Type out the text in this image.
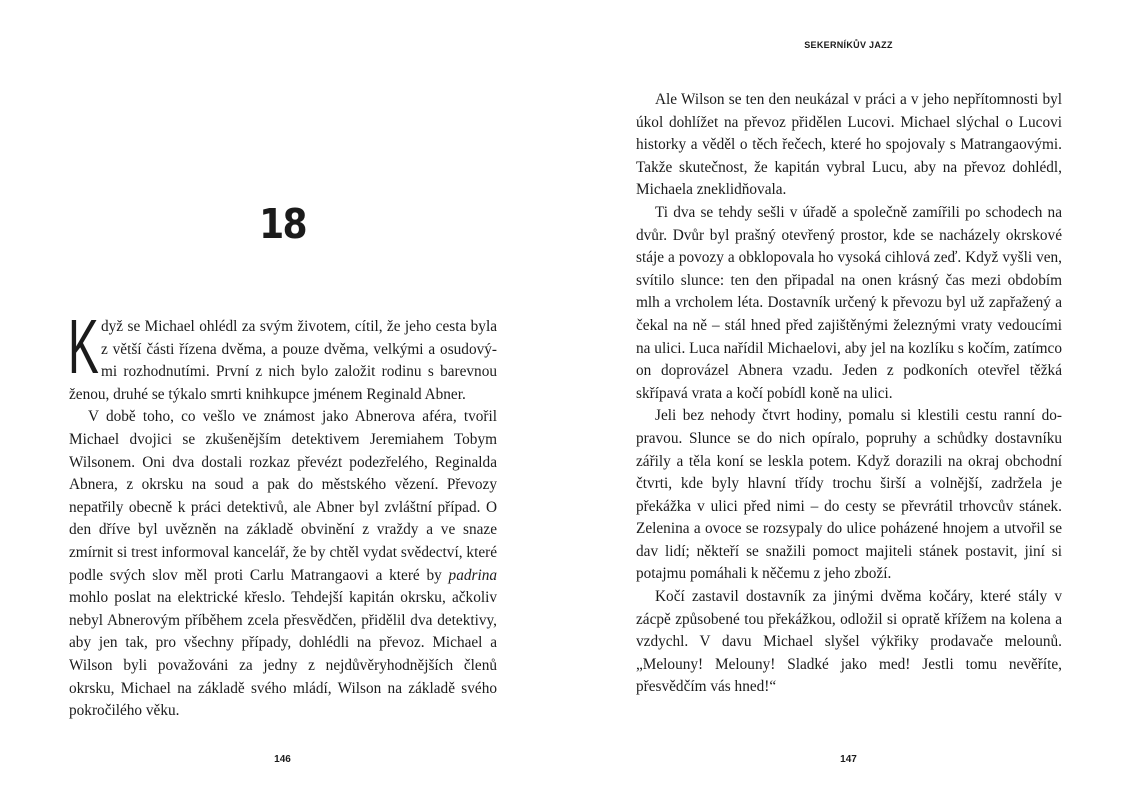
18

Když se Michael ohlédl za svým životem, cítil, že jeho cesta byla z větší části řízena dvěma, a pouze dvěma, velkými a osudovými rozhodnutími. První z nich bylo založit rodinu s barevnou ženou, druhé se týkalo smrti knihkupce jménem Reginald Abner.

V době toho, co vešlo ve známost jako Abnerova aféra, tvořil Michael dvojici se zkušenějším detektivem Jeremiahem Tobym Wilsonem. Oni dva dostali rozkaz převézt podezřelého, Reginalda Abnera, z okrsku na soud a pak do městského vězení. Převozy nepatřily obecně k práci detektivů, ale Abner byl zvláštní případ. O den dříve byl uvězněn na základě obvinění z vraždy a ve snaze zmírnit si trest informoval kancelář, že by chtěl vydat svědectví, které podle svých slov měl proti Carlu Matrangaovi a které by padrina mohlo poslat na elektrické křeslo. Tehdejší kapitán okrsku, ačkoliv nebyl Abnerovým příběhem zcela přesvědčen, přidělil dva detektivy, aby jen tak, pro všechny případy, dohlédli na převoz. Michael a Wilson byli považováni za jedny z nejdůvěryhodnějších členů okrsku, Michael na základě svého mládí, Wilson na základě svého pokročilého věku.

146
SEKERNÍKŮV JAZZ

Ale Wilson se ten den neukázal v práci a v jeho nepřítomnosti byl úkol dohlížet na převoz přidělen Lucovi. Michael slýchal o Lucovi historky a věděl o těch řečech, které ho spojovaly s Matrangaovými. Takže skutečnost, že kapitán vybral Lucu, aby na převoz dohlédl, Michaela zneklidňovala.

Ti dva se tehdy sešli v úřadě a společně zamířili po schodech na dvůr. Dvůr byl prašný otevřený prostor, kde se nacházely okrskové stáje a povozy a obklopovala ho vysoká cihlová zeď. Když vyšli ven, svítilo slunce: ten den připadal na onen krásný čas mezi obdobím mlh a vrcholem léta. Dostavník určený k převozu byl už zapřažený a čekal na ně – stál hned před zajištěnými železnými vraty vedoucími na ulici. Luca nařídil Michaelovi, aby jel na kozlíku s kočím, zatímco on doprovázel Abnera vzadu. Jeden z podkoních otevřel těžká skřípavá vrata a kočí pobídl koně na ulici.

Jeli bez nehody čtvrt hodiny, pomalu si klestili cestu ranní dopravou. Slunce se do nich opíralo, popruhy a schůdky dostavníku zářily a těla koní se leskla potem. Když dorazili na okraj obchodní čtvrti, kde byly hlavní třídy trochu širší a volnější, zadržela je překážka v ulici před nimi – do cesty se převrátil trhovcův stánek. Zelenina a ovoce se rozsypaly do ulice poházené hnojem a utvořil se dav lidí; někteří se snažili pomoct majiteli stánek postavit, jiní si potajmu pomáhali k něčemu z jeho zboží.

Kočí zastavil dostavník za jinými dvěma kočáry, které stály v zácpě způsobené tou překážkou, odložil si opratě křížem na kolena a vzdychl. V davu Michael slyšel výkřiky prodavače melounů. „Melouny! Melouny! Sladké jako med! Jestli tomu nevěříte, přesvědčím vás hned!“

147
